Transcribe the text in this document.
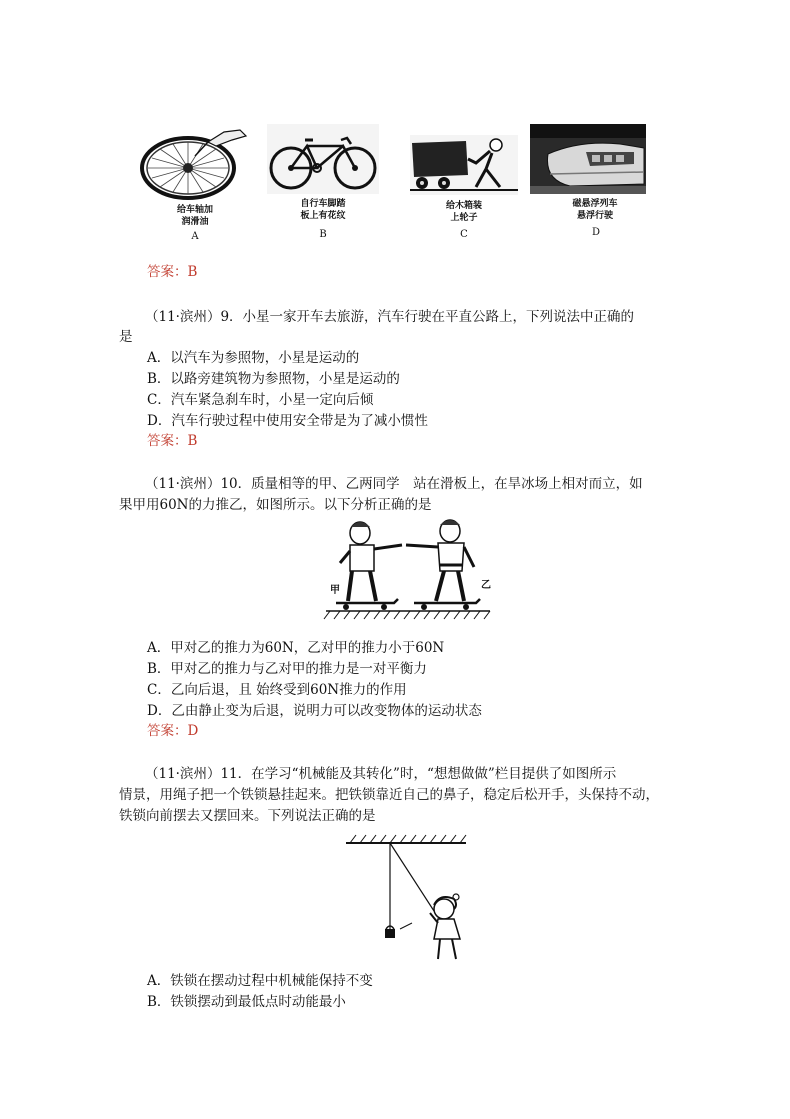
给车轴加
润滑油
A
自行车脚踏
板上有花纹
B
给木箱装
上轮子
C
磁悬浮列车
悬浮行驶
D
答案：B
（11·滨州）9．小星一家开车去旅游，汽车行驶在平直公路上，下列说法中正确的
是
A．以汽车为参照物，小星是运动的
B．以路旁建筑物为参照物，小星是运动的
C．汽车紧急刹车时，小星一定向后倾
D．汽车行驶过程中使用安全带是为了减小惯性
答案：B
（11·滨州）10．质量相等的甲、乙两同学　站在滑板上，在旱冰场上相对而立，如
果甲用60N的力推乙，如图所示。以下分析正确的是
甲	乙
A．甲对乙的推力为60N，乙对甲的推力小于60N
B．甲对乙的推力与乙对甲的推力是一对平衡力
C．乙向后退，且 始终受到60N推力的作用
D．乙由静止变为后退，说明力可以改变物体的运动状态
答案：D
（11·滨州）11．在学习“机械能及其转化”时，“想想做做”栏目提供了如图所示
情景，用绳子把一个铁锁悬挂起来。把铁锁靠近自己的鼻子，稳定后松开手，头保持不动，
铁锁向前摆去又摆回来。下列说法正确的是
A．铁锁在摆动过程中机械能保持不变
B．铁锁摆动到最低点时动能最小
